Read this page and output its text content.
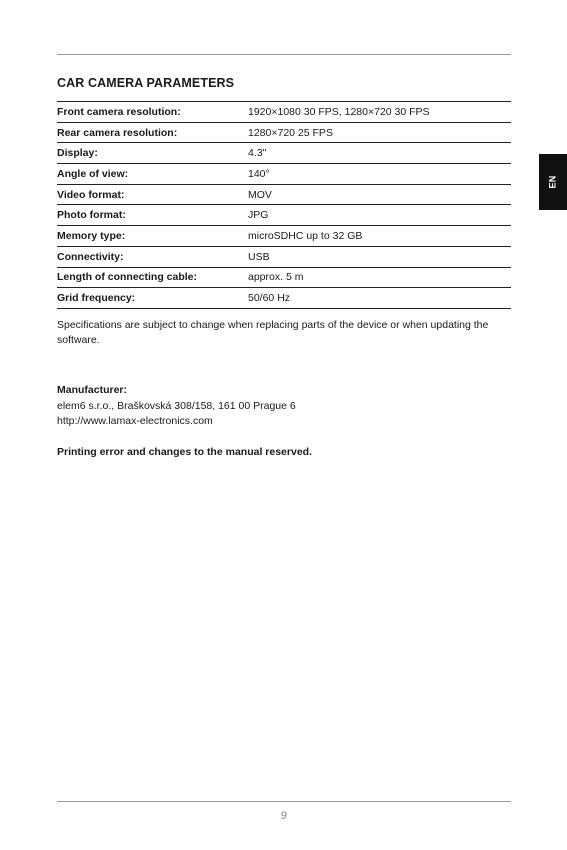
CAR CAMERA PARAMETERS
Front camera resolution:	1920×1080 30 FPS, 1280×720 30 FPS
Rear camera resolution:	1280×720 25 FPS
Display:	4.3"
Angle of view:	140°
Video format:	MOV
Photo format:	JPG
Memory type:	microSDHC up to 32 GB
Connectivity:	USB
Length of connecting cable:	approx. 5 m
Grid frequency:	50/60 Hz

Specifications are subject to change when replacing parts of the device or when updating the software.

Manufacturer:
elem6 s.r.o., Braškovská 308/158, 161 00 Prague 6
http://www.lamax-electronics.com

Printing error and changes to the manual reserved.

EN
9
